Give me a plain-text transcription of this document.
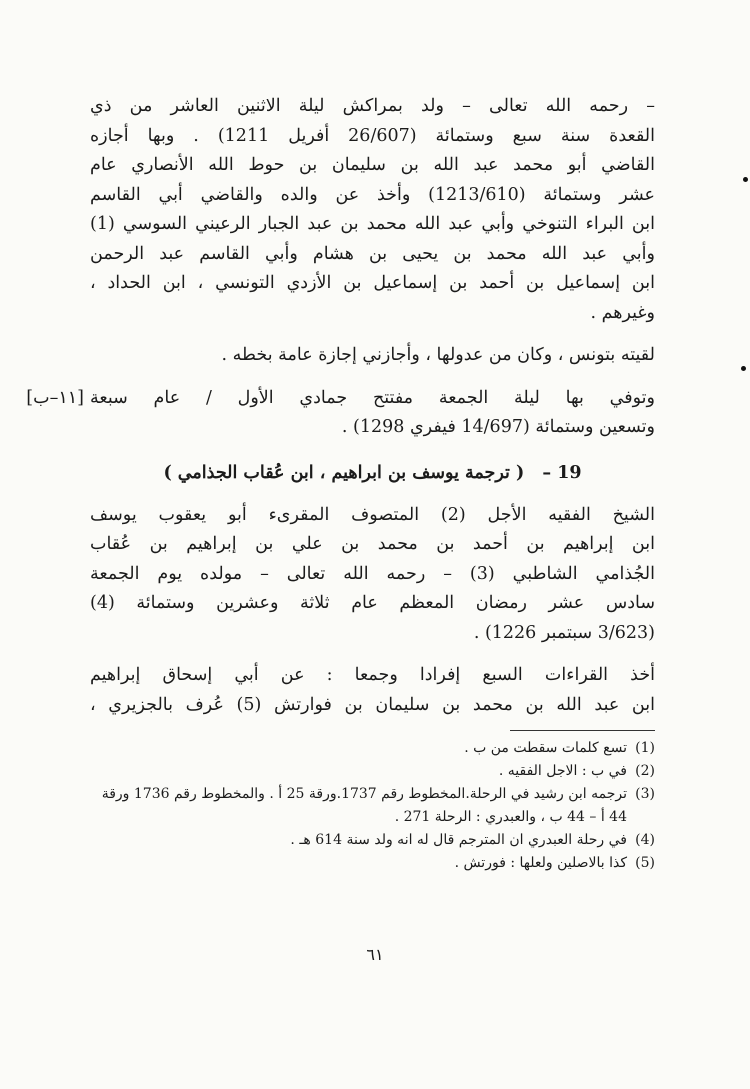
– رحمه الله تعالى – ولد بمراكش ليلة الاثنين العاشر من ذي
القعدة سنة سبع وستمائة (26/607 أفريل 1211) . وبها أجازه
القاضي أبو محمد عبد الله بن سليمان بن حوط الله الأنصاري عام
عشر وستمائة (1213/610) وأخذ عن والده والقاضي أبي القاسم
ابن البراء التنوخي وأبي عبد الله محمد بن عبد الجبار الرعيني السوسي (1)
وأبي عبد الله محمد بن يحيى بن هشام وأبي القاسم عبد الرحمن
ابن إسماعيل بن أحمد بن إسماعيل بن الأزدي التونسي ، ابن الحداد ،
وغيرهم .

لقيته بتونس ، وكان من عدولها ، وأجازني إجازة عامة بخطه .

[١١–ب] وتوفي بها ليلة الجمعة مفتتح جمادي الأول / عام سبعة
وتسعين وستمائة (14/697 فيفري 1298) .

19 – ( ترجمة يوسف بن ابراهيم ، ابن عُقاب الجذامي )

الشيخ الفقيه الأجل (2) المتصوف المقرىء أبو يعقوب يوسف
ابن إبراهيم بن أحمد بن محمد بن علي بن إبراهيم بن عُقاب
الجُذامي الشاطبي (3) – رحمه الله تعالى – مولده يوم الجمعة
سادس عشر رمضان المعظم عام ثلاثة وعشرين وستمائة (4)
(3/623 سبتمبر 1226) .

أخذ القراءات السبع إفرادا وجمعا : عن أبي إسحاق إبراهيم
ابن عبد الله بن محمد بن سليمان بن فوارتش (5) عُرف بالجزيري ،

(1)
تسع كلمات سقطت من ب .
(2)
في ب : الاجل الفقيه .
(3)
ترجمه ابن رشيد في الرحلة.المخطوط رقم 1737.ورقة 25 أ . والمخطوط رقم 1736 ورقة 44 أ – 44 ب ، والعبدري : الرحلة 271 .
(4)
في رحلة العبدري ان المترجم قال له انه ولد سنة 614 هـ .
(5)
كذا بالاصلين ولعلها : فورتش .
٦١
